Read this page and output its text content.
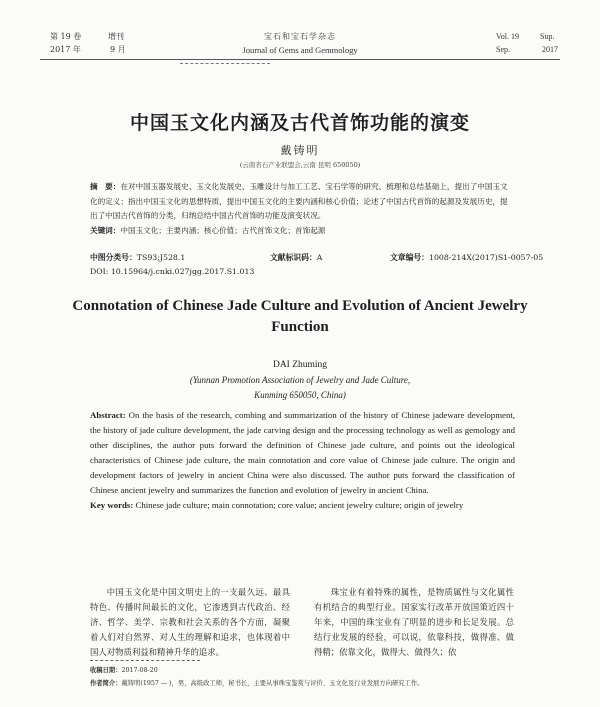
第 19 卷	增刊
2017 年	9 月
宝石和宝石学杂志
Journal of Gems and Gemmology
Vol. 19	Sup.
Sep.	2017
中国玉文化内涵及古代首饰功能的演变
戴铸明
(云南省石产业联盟会,云南 昆明 650050)
摘　要：在对中国玉器发展史、玉文化发展史、玉雕设计与加工工艺、宝石学等的研究、梳理和总结基础上，提出了中国玉文化的定义；指出中国玉文化的思想特质，提出中国玉文化的主要内涵和核心价值；论述了中国古代首饰的起源及发展历史，提出了中国古代首饰的分类，归纳总结中国古代首饰的功能及演变状况。
关键词：中国玉文化；主要内涵；核心价值；古代首饰文化；首饰起源
中图分类号：TS93;J528.1	文献标识码：A	文章编号：1008-214X(2017)S1-0057-05
DOI: 10.15964/j.cnki.027jgg.2017.S1.013
Connotation of Chinese Jade Culture and Evolution of Ancient Jewelry Function
DAI Zhuming
(Yunnan Promotion Association of Jewelry and Jade Culture,
Kunming 650050, China)
Abstract: On the basis of the research, combing and summarization of the history of Chinese jadeware development, the history of jade culture development, the jade carving design and the processing technology as well as gemology and other disciplines, the author puts forward the definition of Chinese jade culture, and points out the ideological characteristics of Chinese jade culture, the main connotation and core value of Chinese jade culture. The origin and development factors of jewelry in ancient China were also discussed. The author puts forward the classification of Chinese ancient jewelry and summarizes the function and evolution of jewelry in ancient China.
Key words: Chinese jade culture; main connotation; core value; ancient jewelry culture; origin of jewelry
中国玉文化是中国文明史上的一支最久远、最具特色、传播时间最长的文化，它渗透到古代政治、经济、哲学、美学、宗教和社会关系的各个方面，凝聚着人们对自然界、对人生的理解和追求，也体现着中国人对物质利益和精神升华的追求。
珠宝业有着特殊的属性，是物质属性与文化属性有机结合的典型行业。国家实行改革开放国策近四十年来，中国的珠宝业有了明显的进步和长足发展。总结行业发展的经验，可以说，依靠科技，做得准、做得精；依靠文化，做得大、做得久；依
收稿日期：2017-08-20
作者简介：戴铸明(1957 — )，男，高级政工师，秘书长，主要从事珠宝鉴赏与评价、玉文化及行业发展方向研究工作。
